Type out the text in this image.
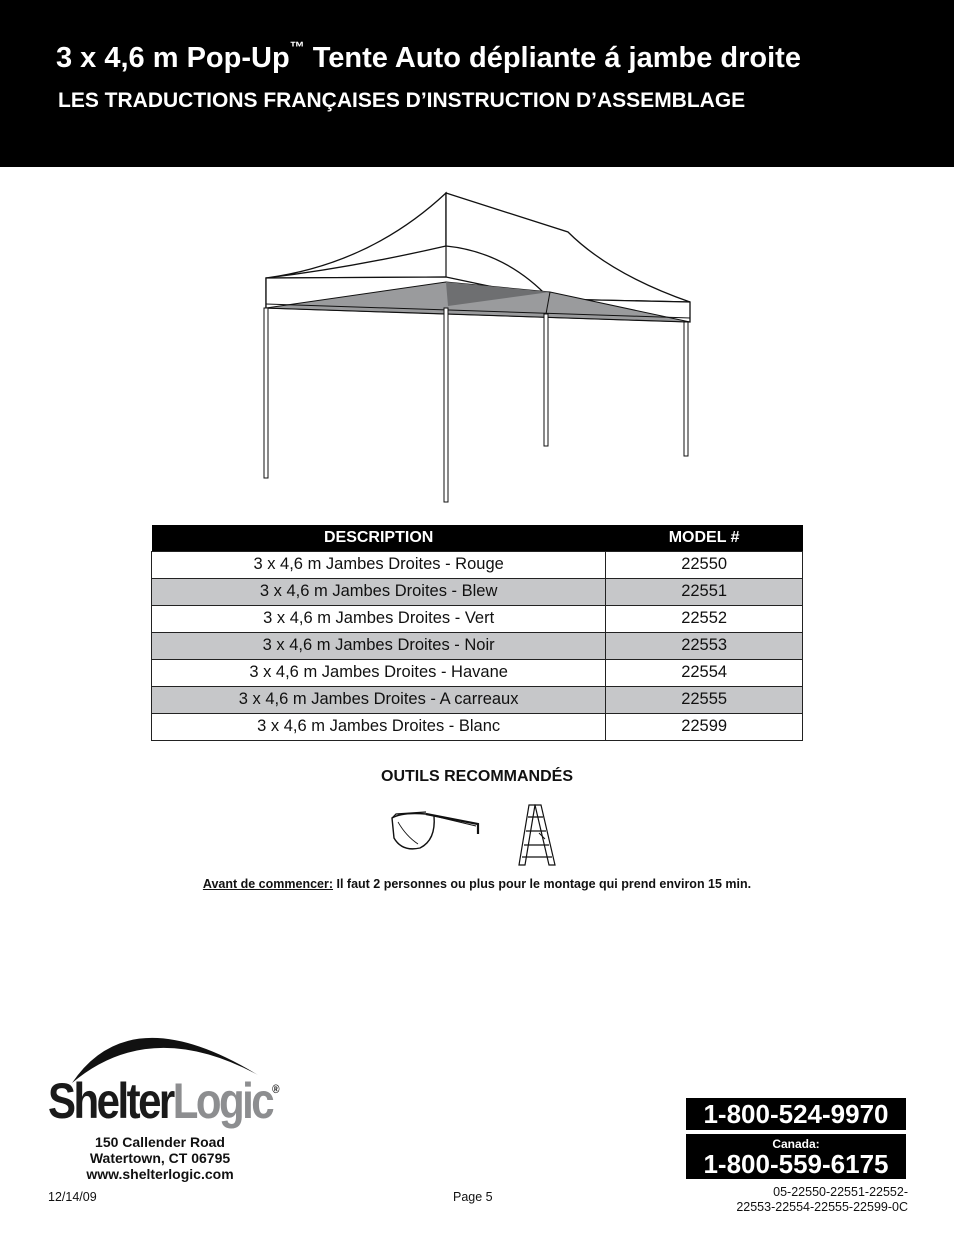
3 x 4,6 m Pop-Up™ Tente Auto dépliante á jambe droite
LES TRADUCTIONS FRANÇAISES D’INSTRUCTION D’ASSEMBLAGE
DESCRIPTION	MODEL #
3 x 4,6 m Jambes Droites - Rouge	22550
3 x 4,6 m Jambes Droites - Blew	22551
3 x 4,6 m Jambes Droites - Vert	22552
3 x 4,6 m Jambes Droites - Noir	22553
3 x 4,6 m Jambes Droites - Havane	22554
3 x 4,6 m Jambes Droites - A carreaux	22555
3 x 4,6 m Jambes Droites - Blanc	22599
OUTILS RECOMMANDÉS
Avant de commencer: Il faut 2 personnes ou plus pour le montage qui prend environ 15 min.
ShelterLogic®
150 Callender Road
Watertown, CT 06795
www.shelterlogic.com
12/14/09	Page 5
1-800-524-9970
Canada:
1-800-559-6175
05-22550-22551-22552-
22553-22554-22555-22599-0C
